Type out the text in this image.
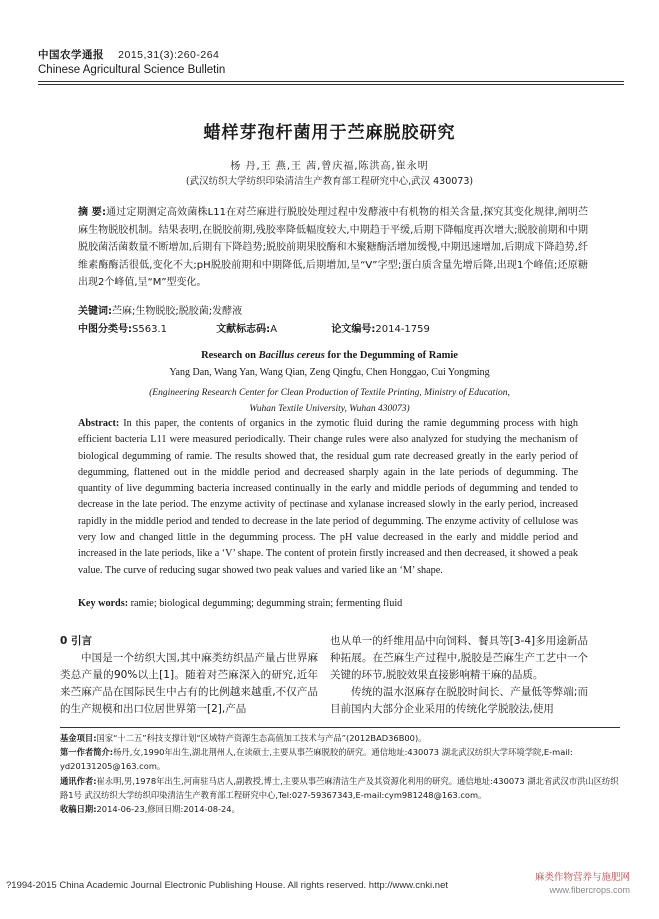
中国农学通报 2015,31(3):260-264
Chinese Agricultural Science Bulletin
蜡样芽孢杆菌用于苎麻脱胶研究
杨 丹,王 燕,王 茜,曾庆福,陈洪高,崔永明
(武汉纺织大学纺织印染清洁生产教育部工程研究中心,武汉 430073)
摘 要:通过定期测定高效菌株L11在对苎麻进行脱胶处理过程中发酵液中有机物的相关含量,探究其变化规律,阐明苎麻生物脱胶机制。结果表明,在脱胶前期,残胶率降低幅度较大,中期趋于平缓,后期下降幅度再次增大;脱胶前期和中期脱胶菌活菌数量不断增加,后期有下降趋势;脱胶前期果胶酶和木聚糖酶活增加缓慢,中期迅速增加,后期成下降趋势,纤维素酶酶活很低,变化不大;pH脱胶前期和中期降低,后期增加,呈“V”字型;蛋白质含量先增后降,出现1个峰值;还原糖出现2个峰值,呈“M”型变化。
关键词:苎麻;生物脱胶;脱胶菌;发酵液
中图分类号:S563.1	文献标志码:A	论文编号:2014-1759
Research on Bacillus cereus for the Degumming of Ramie
Yang Dan, Wang Yan, Wang Qian, Zeng Qingfu, Chen Honggao, Cui Yongming
(Engineering Research Center for Clean Production of Textile Printing, Ministry of Education,
Wuhan Textile University, Wuhan 430073)
Abstract: In this paper, the contents of organics in the zymotic fluid during the ramie degumming process with high efficient bacteria L11 were measured periodically. Their change rules were also analyzed for studying the mechanism of biological degumming of ramie. The results showed that, the residual gum rate decreased greatly in the early period of degumming, flattened out in the middle period and decreased sharply again in the late periods of degumming. The quantity of live degumming bacteria increased continually in the early and middle periods of degumming and tended to decrease in the late period. The enzyme activity of pectinase and xylanase increased slowly in the early period, increased rapidly in the middle period and tended to decrease in the late period of degumming. The enzyme activity of cellulose was very low and changed little in the degumming process. The pH value decreased in the early and middle period and increased in the late periods, like a ‘V’ shape. The content of protein firstly increased and then decreased, it showed a peak value. The curve of reducing sugar showed two peak values and varied like an ‘M’ shape.
Key words: ramie; biological degumming; degumming strain; fermenting fluid
0 引言
中国是一个纺织大国,其中麻类纺织品产量占世界麻类总产量的90%以上[1]。随着对苎麻深入的研究,近年来苎麻产品在国际民生中占有的比例越来越重,不仅产品的生产规模和出口位居世界第一[2],产品
也从单一的纤维用品中向饲料、餐具等[3-4]多用途新品种拓展。在苎麻生产过程中,脱胶是苎麻生产工艺中一个关键的环节,脱胶效果直接影响精干麻的品质。
传统的温水沤麻存在脱胶时间长、产量低等弊端;而目前国内大部分企业采用的传统化学脱胶法,使用
基金项目:国家“十二五”科技支撑计划“区域特产资源生态高值加工技术与产品”(2012BAD36B00)。
第一作者简介:杨丹,女,1990年出生,湖北荆州人,在读硕士,主要从事苎麻脱胶的研究。通信地址:430073 湖北武汉纺织大学环境学院,E-mail: yd20131205@163.com。
通讯作者:崔永明,男,1978年出生,河南驻马店人,副教授,博士,主要从事苎麻清洁生产及其资源化利用的研究。通信地址:430073 湖北省武汉市洪山区纺织路1号 武汉纺织大学纺织印染清洁生产教育部工程研究中心,Tel:027-59367343,E-mail:cym981248@163.com。
收稿日期:2014-06-23,修回日期:2014-08-24。
?1994-2015 China Academic Journal Electronic Publishing House. All rights reserved. http://www.cnki.net
麻类作物营养与施肥网
www.fibercrops.com
